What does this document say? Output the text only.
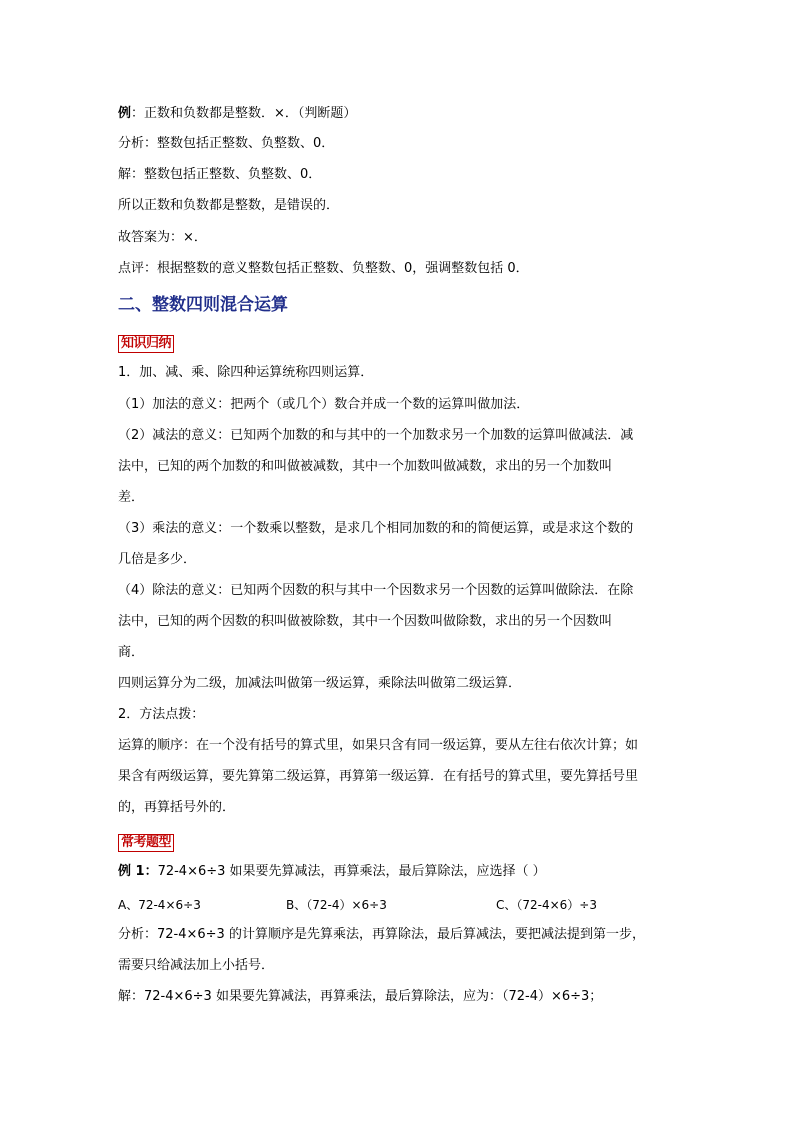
例：正数和负数都是整数．×．（判断题）

分析：整数包括正整数、负整数、0．

解：整数包括正整数、负整数、0．

所以正数和负数都是整数，是错误的．

故答案为：×．

点评：根据整数的意义整数包括正整数、负整数、0，强调整数包括 0．

二、整数四则混合运算

知识归纳

1．加、减、乘、除四种运算统称四则运算．

（1）加法的意义：把两个（或几个）数合并成一个数的运算叫做加法．

（2）减法的意义：已知两个加数的和与其中的一个加数求另一个加数的运算叫做减法．减

法中，已知的两个加数的和叫做被减数，其中一个加数叫做减数，求出的另一个加数叫

差．

（3）乘法的意义：一个数乘以整数，是求几个相同加数的和的简便运算，或是求这个数的

几倍是多少．

（4）除法的意义：已知两个因数的积与其中一个因数求另一个因数的运算叫做除法．在除

法中，已知的两个因数的积叫做被除数，其中一个因数叫做除数，求出的另一个因数叫

商．

四则运算分为二级，加减法叫做第一级运算，乘除法叫做第二级运算．

2．方法点拨：

运算的顺序：在一个没有括号的算式里，如果只含有同一级运算，要从左往右依次计算；如

果含有两级运算，要先算第二级运算，再算第一级运算．在有括号的算式里，要先算括号里

的，再算括号外的．

常考题型

例 1：72-4×6÷3 如果要先算减法，再算乘法，最后算除法，应选择（ ）

A、72-4×6÷3	B、（72-4）×6÷3	C、（72-4×6）÷3

分析：72-4×6÷3 的计算顺序是先算乘法，再算除法，最后算减法，要把减法提到第一步，

需要只给减法加上小括号．

解：72-4×6÷3 如果要先算减法，再算乘法，最后算除法，应为：（72-4）×6÷3；
